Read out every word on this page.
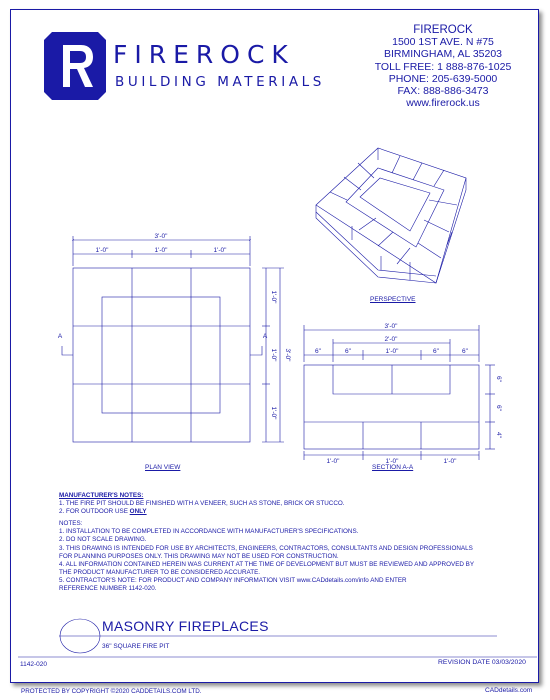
FIREROCK
BUILDING MATERIALS
FIREROCK
1500 1ST AVE. N #75
BIRMINGHAM, AL 35203
TOLL FREE: 1 888-876-1025
PHONE: 205-639-5000
FAX: 888-886-3473
www.firerock.us
3'-0"
1'-0"	1'-0"	1'-0"
1'-0"
1'-0"
1'-0"
3'-0"
A	A
3'-0"
2'-0"
6"	6"	1'-0"	6"	6"
1'-0"	1'-0"	1'-0"
6"
6"
4"
PERSPECTIVE
PLAN VIEW	SECTION A-A
MANUFACTURER'S NOTES:
1. THE FIRE PIT SHOULD BE FINISHED WITH A VENEER, SUCH AS STONE, BRICK OR STUCCO.
2. FOR OUTDOOR USE ONLY
NOTES:
1. INSTALLATION TO BE COMPLETED IN ACCORDANCE WITH MANUFACTURER'S SPECIFICATIONS.
2. DO NOT SCALE DRAWING.
3. THIS DRAWING IS INTENDED FOR USE BY ARCHITECTS, ENGINEERS, CONTRACTORS, CONSULTANTS AND DESIGN PROFESSIONALS
FOR PLANNING PURPOSES ONLY. THIS DRAWING MAY NOT BE USED FOR CONSTRUCTION.
4. ALL INFORMATION CONTAINED HEREIN WAS CURRENT AT THE TIME OF DEVELOPMENT BUT MUST BE REVIEWED AND APPROVED BY
THE PRODUCT MANUFACTURER TO BE CONSIDERED ACCURATE.
5. CONTRACTOR'S NOTE: FOR PRODUCT AND COMPANY INFORMATION VISIT www.CADdetails.com/info AND ENTER
REFERENCE NUMBER 1142-020.
MASONRY FIREPLACES
36" SQUARE FIRE PIT
1142-020	REVISION DATE 03/03/2020
PROTECTED BY COPYRIGHT ©2020 CADDETAILS.COM LTD.	CADdetails.com
